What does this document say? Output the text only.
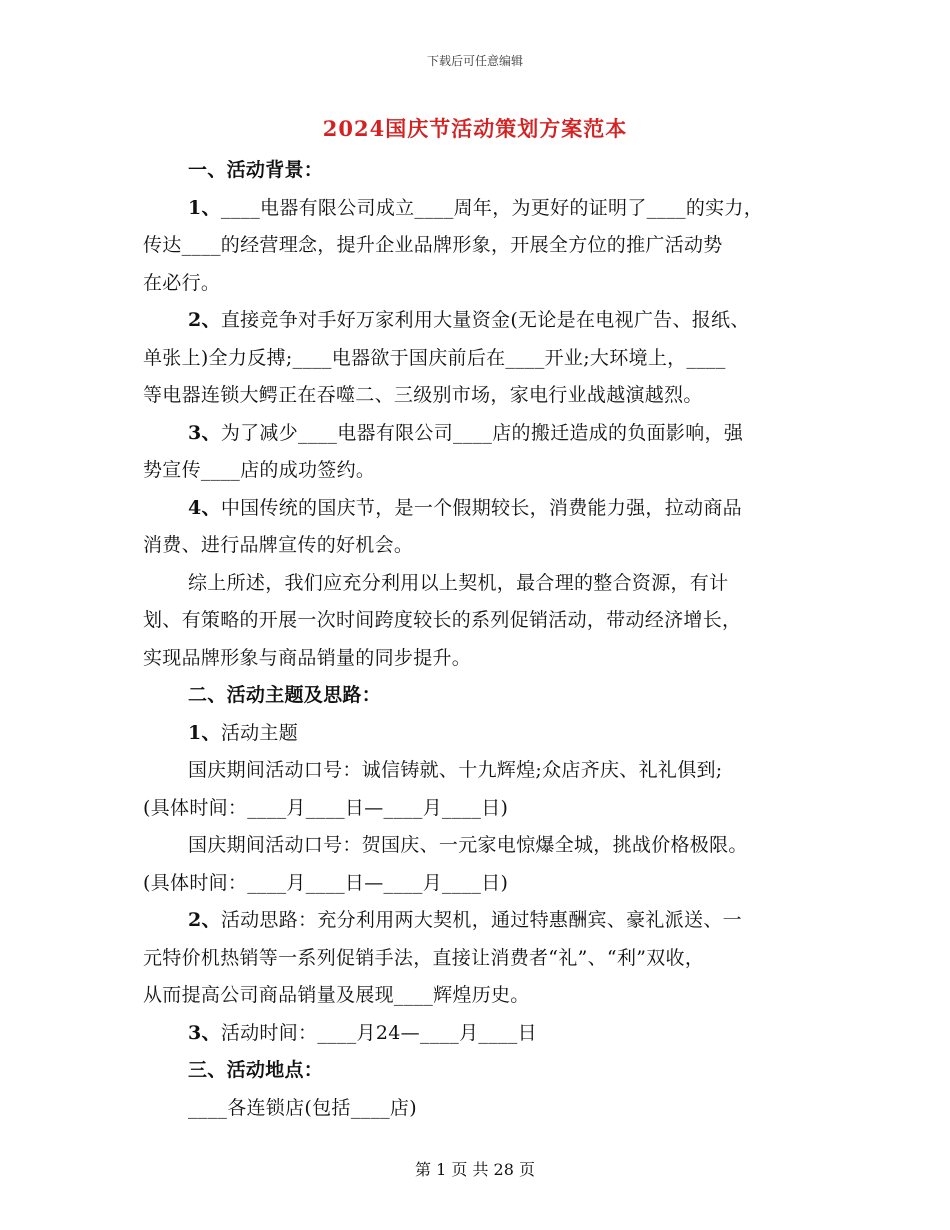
下载后可任意编辑
2024国庆节活动策划方案范本
一、活动背景：
1、____电器有限公司成立____周年，为更好的证明了____的实力，
传达____的经营理念，提升企业品牌形象，开展全方位的推广活动势
在必行。
2、直接竞争对手好万家利用大量资金(无论是在电视广告、报纸、
单张上)全力反搏;____电器欲于国庆前后在____开业;大环境上，____
等电器连锁大鳄正在吞噬二、三级别市场，家电行业战越演越烈。
3、为了减少____电器有限公司____店的搬迁造成的负面影响，强
势宣传____店的成功签约。
4、中国传统的国庆节，是一个假期较长，消费能力强，拉动商品
消费、进行品牌宣传的好机会。
综上所述，我们应充分利用以上契机，最合理的整合资源，有计
划、有策略的开展一次时间跨度较长的系列促销活动，带动经济增长，
实现品牌形象与商品销量的同步提升。
二、活动主题及思路：
1、活动主题
国庆期间活动口号：诚信铸就、十九辉煌;众店齐庆、礼礼俱到;
(具体时间：____月____日—____月____日)
国庆期间活动口号：贺国庆、一元家电惊爆全城，挑战价格极限。
(具体时间：____月____日—____月____日)
2、活动思路：充分利用两大契机，通过特惠酬宾、豪礼派送、一
元特价机热销等一系列促销手法，直接让消费者“礼”、“利”双收，
从而提高公司商品销量及展现____辉煌历史。
3、活动时间：____月24—____月____日
三、活动地点：
____各连锁店(包括____店)
第 1 页 共 28 页
